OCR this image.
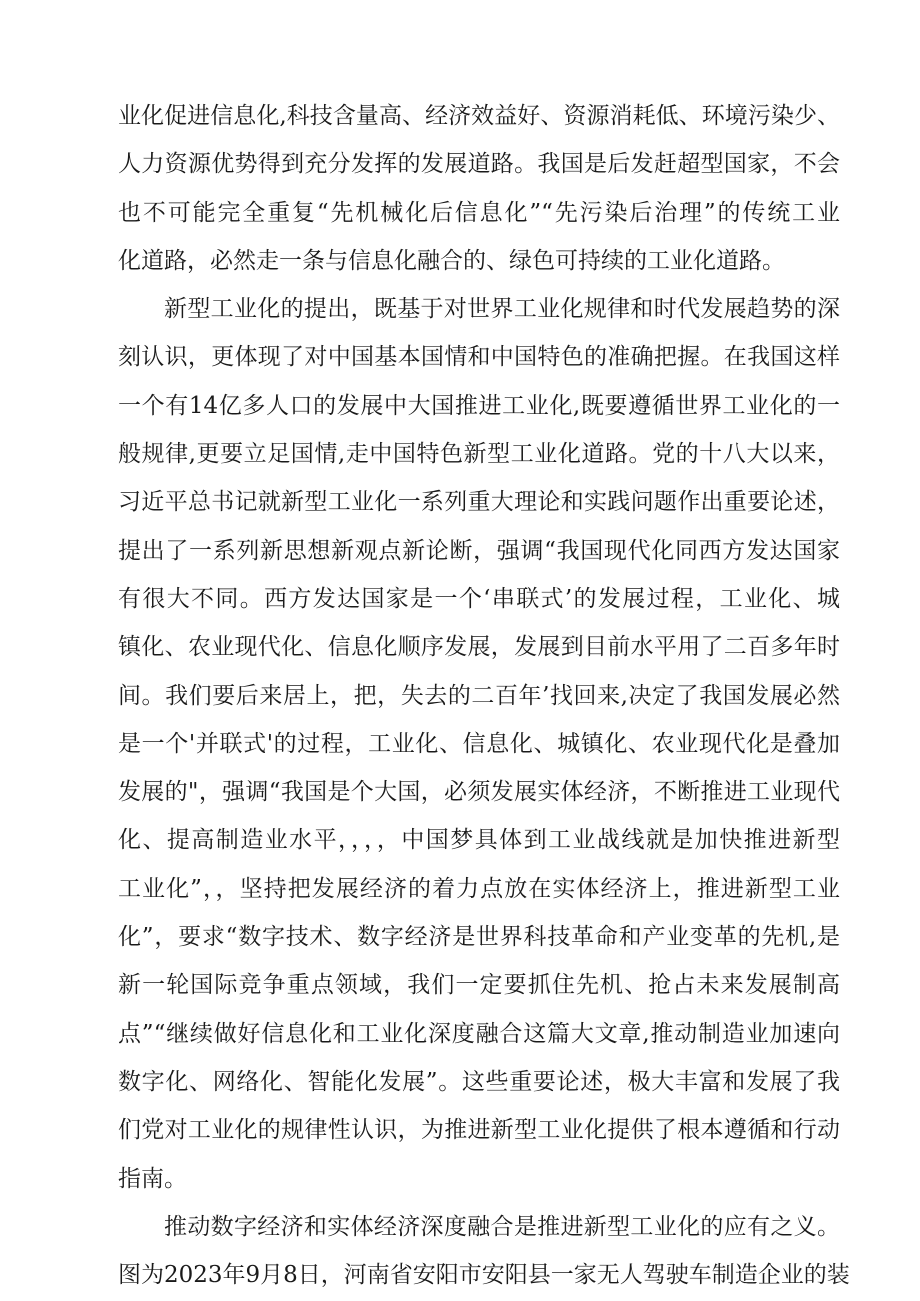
业化促进信息化,科技含量高、经济效益好、资源消耗低、环境污染少、
人力资源优势得到充分发挥的发展道路。我国是后发赶超型国家，不会
也不可能完全重复“先机械化后信息化”“先污染后治理”的传统工业
化道路，必然走一条与信息化融合的、绿色可持续的工业化道路。
新型工业化的提出，既基于对世界工业化规律和时代发展趋势的深
刻认识，更体现了对中国基本国情和中国特色的准确把握。在我国这样
一个有14亿多人口的发展中大国推进工业化,既要遵循世界工业化的一
般规律,更要立足国情,走中国特色新型工业化道路。党的十八大以来，
习近平总书记就新型工业化一系列重大理论和实践问题作出重要论述，
提出了一系列新思想新观点新论断，强调“我国现代化同西方发达国家
有很大不同。西方发达国家是一个‘串联式’的发展过程，工业化、城
镇化、农业现代化、信息化顺序发展，发展到目前水平用了二百多年时
间。我们要后来居上，把，失去的二百年’找回来,决定了我国发展必然
是一个'并联式'的过程，工业化、信息化、城镇化、农业现代化是叠加
发展的"，强调“我国是个大国，必须发展实体经济，不断推进工业现代
化、提高制造业水平，，，，中国梦具体到工业战线就是加快推进新型
工业化”，，坚持把发展经济的着力点放在实体经济上，推进新型工业
化”，要求“数字技术、数字经济是世界科技革命和产业变革的先机,是
新一轮国际竞争重点领域，我们一定要抓住先机、抢占未来发展制高
点”“继续做好信息化和工业化深度融合这篇大文章,推动制造业加速向
数字化、网络化、智能化发展”。这些重要论述，极大丰富和发展了我
们党对工业化的规律性认识，为推进新型工业化提供了根本遵循和行动
指南。
推动数字经济和实体经济深度融合是推进新型工业化的应有之义。
图为2023年9月8日，河南省安阳市安阳县一家无人驾驶车制造企业的装
